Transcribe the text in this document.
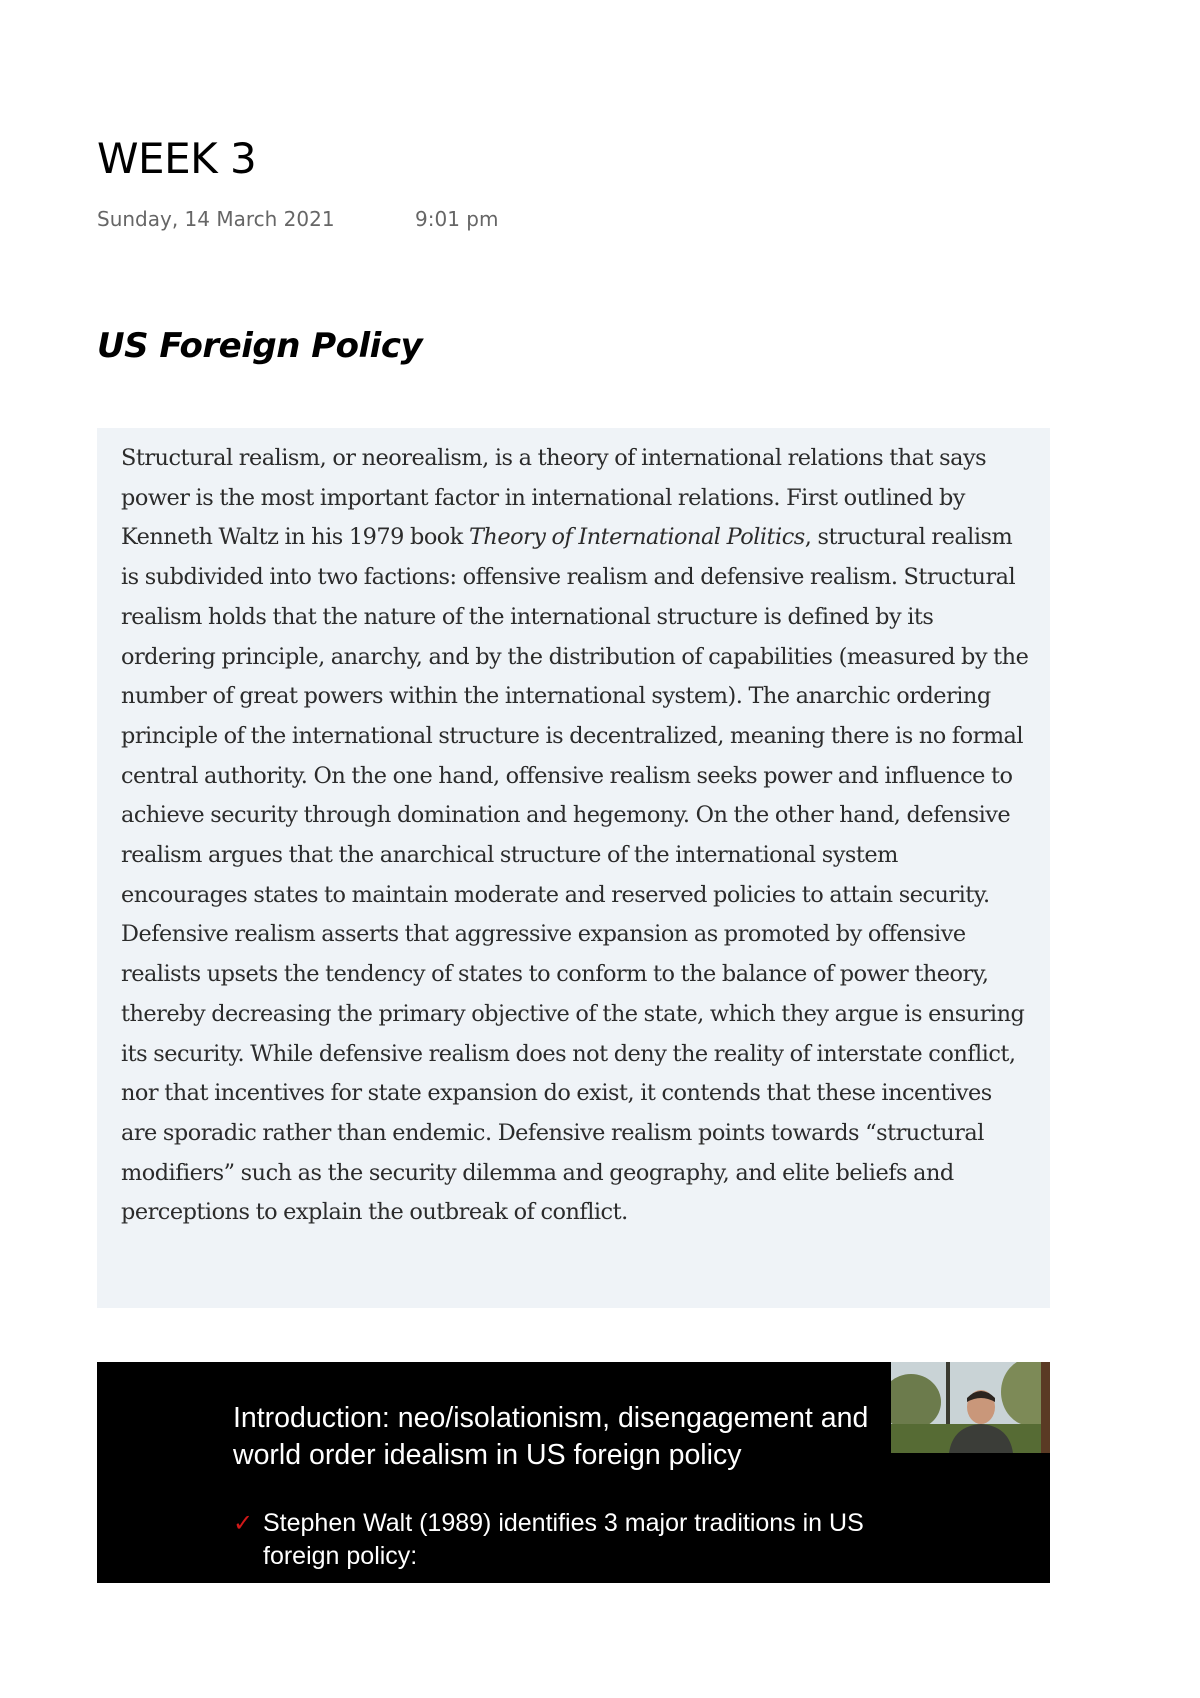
WEEK 3
Sunday, 14 March 2021	9:01 pm
US Foreign Policy

Structural realism, or neorealism, is a theory of international relations that says power is the most important factor in international relations. First outlined by Kenneth Waltz in his 1979 book Theory of International Politics, structural realism is subdivided into two factions: offensive realism and defensive realism. Structural realism holds that the nature of the international structure is defined by its ordering principle, anarchy, and by the distribution of capabilities (measured by the number of great powers within the international system). The anarchic ordering principle of the international structure is decentralized, meaning there is no formal central authority. On the one hand, offensive realism seeks power and influence to achieve security through domination and hegemony. On the other hand, defensive realism argues that the anarchical structure of the international system encourages states to maintain moderate and reserved policies to attain security. Defensive realism asserts that aggressive expansion as promoted by offensive realists upsets the tendency of states to conform to the balance of power theory, thereby decreasing the primary objective of the state, which they argue is ensuring its security. While defensive realism does not deny the reality of interstate conflict, nor that incentives for state expansion do exist, it contends that these incentives are sporadic rather than endemic. Defensive realism points towards “structural modifiers” such as the security dilemma and geography, and elite beliefs and perceptions to explain the outbreak of conflict.

Introduction: neo/isolationism, disengagement and world order idealism in US foreign policy

✓ Stephen Walt (1989) identifies 3 major traditions in US foreign policy:
